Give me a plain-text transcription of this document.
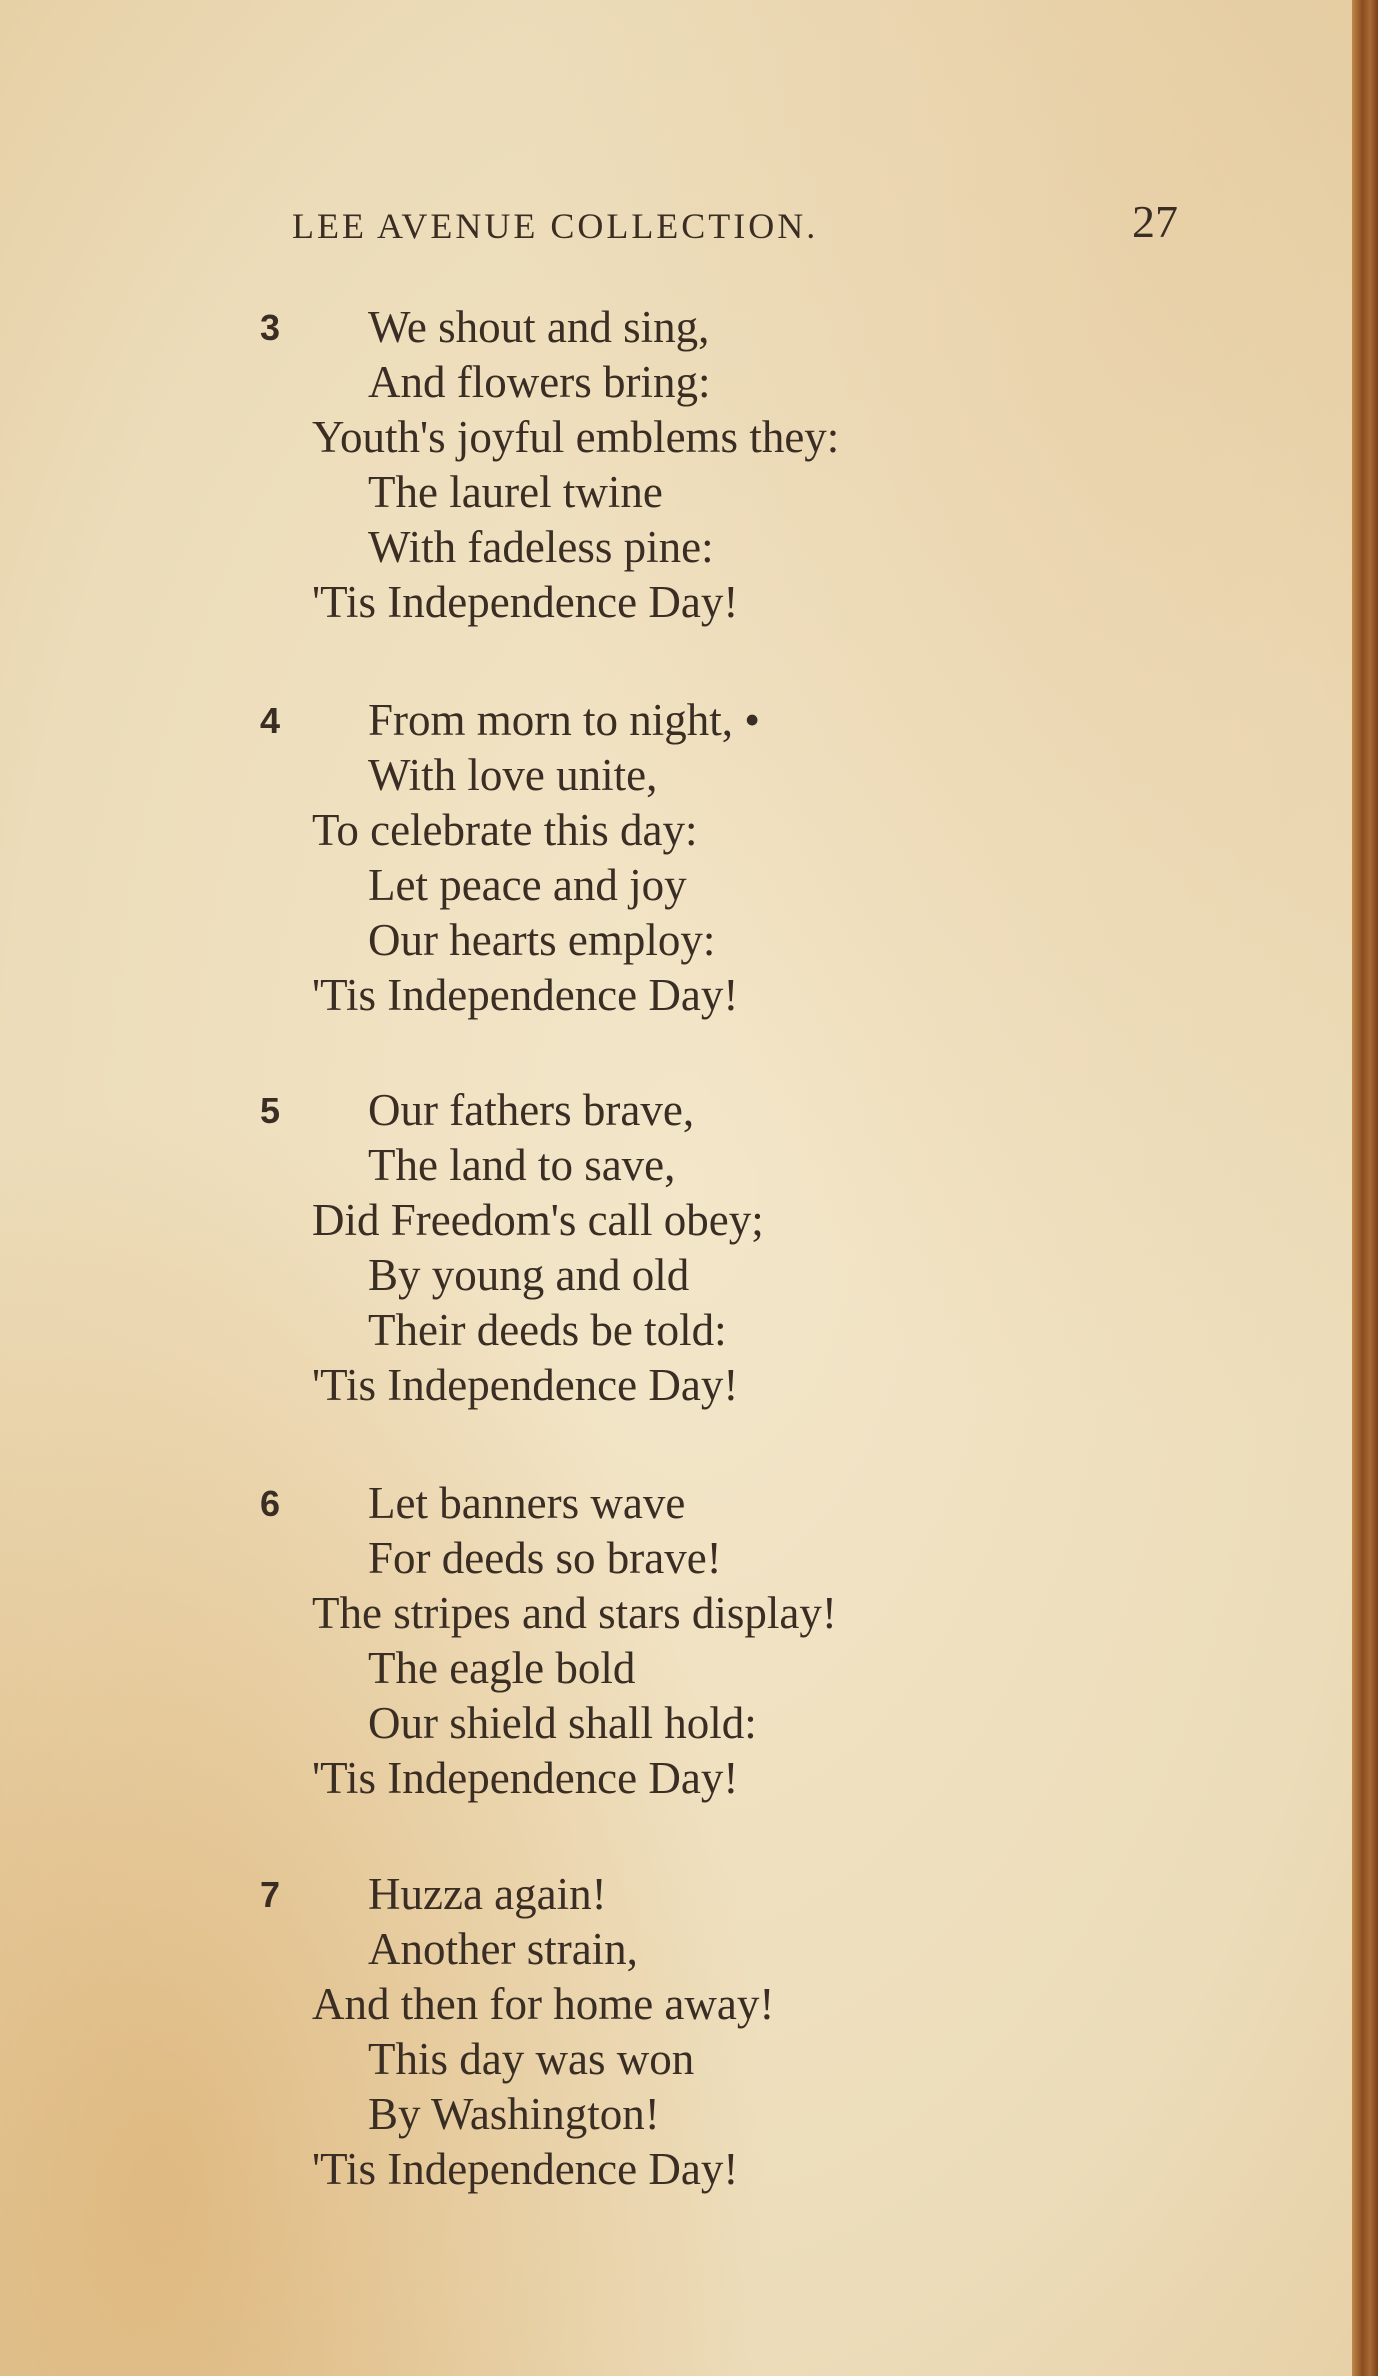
LEE AVENUE COLLECTION.	27
3 We shout and sing,
And flowers bring:
Youth's joyful emblems they:
The laurel twine
With fadeless pine:
'Tis Independence Day!
4 From morn to night, •
With love unite,
To celebrate this day:
Let peace and joy
Our hearts employ:
'Tis Independence Day!
5 Our fathers brave,
The land to save,
Did Freedom's call obey;
By young and old
Their deeds be told:
'Tis Independence Day!
6 Let banners wave
For deeds so brave!
The stripes and stars display!
The eagle bold
Our shield shall hold:
'Tis Independence Day!
7 Huzza again!
Another strain,
And then for home away!
This day was won
By Washington!
'Tis Independence Day!
